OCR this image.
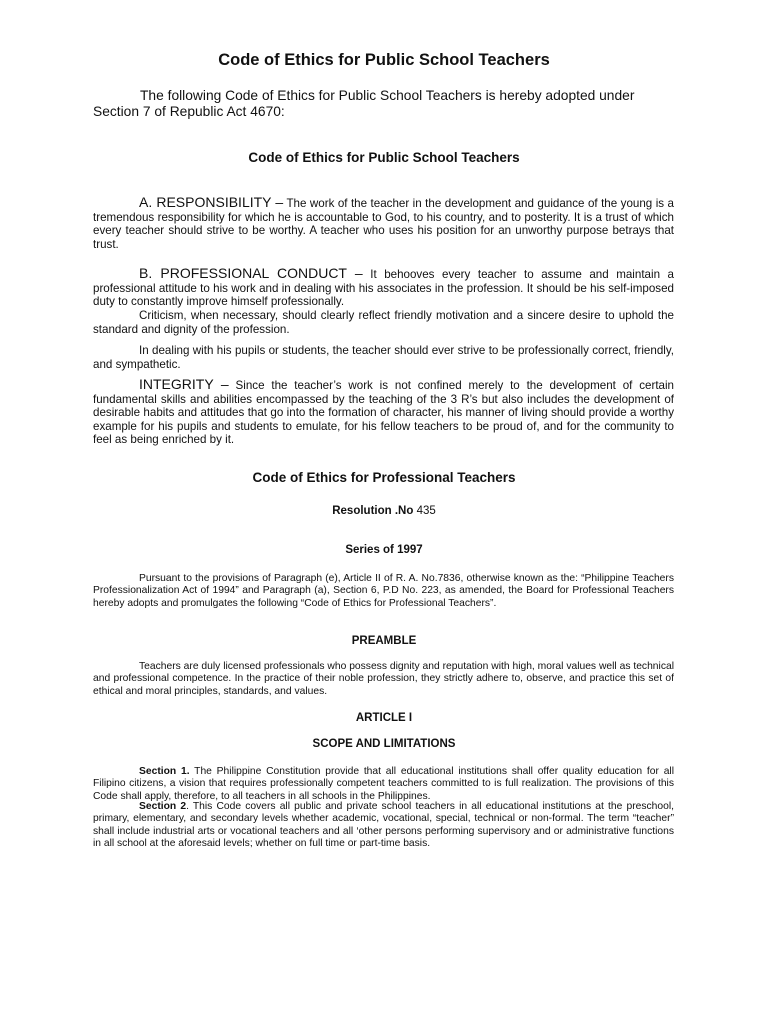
Code of Ethics for Public School Teachers

The following Code of Ethics for Public School Teachers is hereby adopted under Section 7 of Republic Act 4670:

Code of Ethics for Public School Teachers

A. RESPONSIBILITY – The work of the teacher in the development and guidance of the young is a tremendous responsibility for which he is accountable to God, to his country, and to posterity. It is a trust of which every teacher should strive to be worthy. A teacher who uses his position for an unworthy purpose betrays that trust.

B. PROFESSIONAL CONDUCT – It behooves every teacher to assume and maintain a professional attitude to his work and in dealing with his associates in the profession. It should be his self-imposed duty to constantly improve himself professionally.

Criticism, when necessary, should clearly reflect friendly motivation and a sincere desire to uphold the standard and dignity of the profession.

In dealing with his pupils or students, the teacher should ever strive to be professionally correct, friendly, and sympathetic.

INTEGRITY – Since the teacher’s work is not confined merely to the development of certain fundamental skills and abilities encompassed by the teaching of the 3 R’s but also includes the development of desirable habits and attitudes that go into the formation of character, his manner of living should provide a worthy example for his pupils and students to emulate, for his fellow teachers to be proud of, and for the community to feel as being enriched by it.

Code of Ethics for Professional Teachers
Resolution .No 435
Series of 1997

Pursuant to the provisions of Paragraph (e), Article II of R. A. No.7836, otherwise known as the: “Philippine Teachers Professionalization Act of 1994” and Paragraph (a), Section 6, P.D No. 223, as amended, the Board for Professional Teachers hereby adopts and promulgates the following “Code of Ethics for Professional Teachers”.

PREAMBLE

Teachers are duly licensed professionals who possess dignity and reputation with high, moral values well as technical and professional competence. In the practice of their noble profession, they strictly adhere to, observe, and practice this set of ethical and moral principles, standards, and values.

ARTICLE I
SCOPE AND LIMITATIONS

Section 1. The Philippine Constitution provide that all educational institutions shall offer quality education for all Filipino citizens, a vision that requires professionally competent teachers committed to is full realization. The provisions of this Code shall apply, therefore, to all teachers in all schools in the Philippines.

Section 2. This Code covers all public and private school teachers in all educational institutions at the preschool, primary, elementary, and secondary levels whether academic, vocational, special, technical or non-formal. The term “teacher” shall include industrial arts or vocational teachers and all ‘other persons performing supervisory and or administrative functions in all school at the aforesaid levels; whether on full time or part-time basis.
